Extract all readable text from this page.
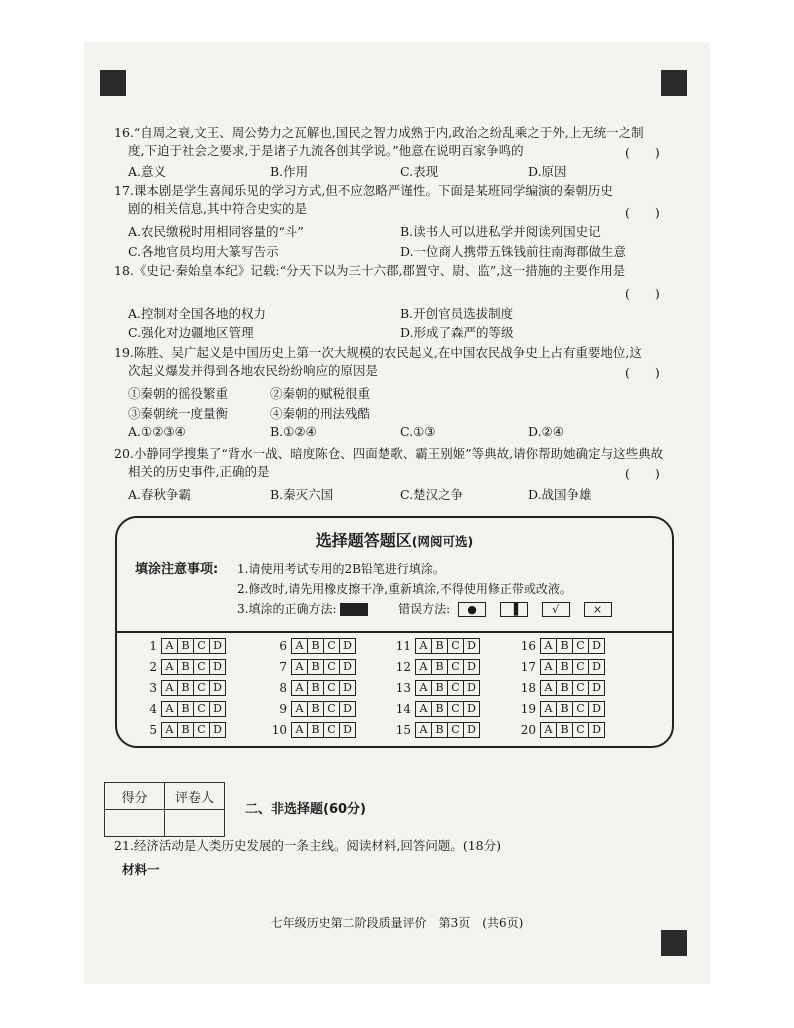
16.“自周之衰,文王、周公势力之瓦解也,国民之智力成熟于内,政治之纷乱乘之于外,上无统一之制
度,下迫于社会之要求,于是诸子九流各创其学说。”他意在说明百家争鸣的	(　　)
A.意义	B.作用	C.表现	D.原因
17.课本剧是学生喜闻乐见的学习方式,但不应忽略严谨性。下面是某班同学编演的秦朝历史
剧的相关信息,其中符合史实的是	(　　)
A.农民缴税时用相同容量的“斗”	B.读书人可以进私学并阅读列国史记
C.各地官员均用大篆写告示	D.一位商人携带五铢钱前往南海郡做生意
18.《史记·秦始皇本纪》记载:“分天下以为三十六郡,郡置守、尉、监”,这一措施的主要作用是
(　　)
A.控制对全国各地的权力	B.开创官员选拔制度
C.强化对边疆地区管理	D.形成了森严的等级
19.陈胜、吴广起义是中国历史上第一次大规模的农民起义,在中国农民战争史上占有重要地位,这
次起义爆发并得到各地农民纷纷响应的原因是	(　　)
①秦朝的徭役繁重	②秦朝的赋税很重
③秦朝统一度量衡	④秦朝的刑法残酷
A.①②③④	B.①②④	C.①③	D.②④
20.小静同学搜集了“背水一战、暗度陈仓、四面楚歌、霸王别姬”等典故,请你帮助她确定与这些典故
相关的历史事件,正确的是	(　　)
A.春秋争霸	B.秦灭六国	C.楚汉之争	D.战国争雄
选择题答题区(网阅可选)
填涂注意事项: 1.请使用考试专用的2B铅笔进行填涂。
2.修改时,请先用橡皮擦干净,重新填涂,不得使用修正带或改液。
3.填涂的正确方法:	错误方法: ●	▐	√	×
1 A B C D
2 A B C D
3 A B C D
4 A B C D
5 A B C D
6 A B C D
7 A B C D
8 A B C D
9 A B C D
10 A B C D
11 A B C D
12 A B C D
13 A B C D
14 A B C D
15 A B C D
16 A B C D
17 A B C D
18 A B C D
19 A B C D
20 A B C D
得分	评卷人

二、非选择题(60分)
21.经济活动是人类历史发展的一条主线。阅读材料,回答问题。(18分)
材料一
七年级历史第二阶段质量评价　第3页　(共6页)
